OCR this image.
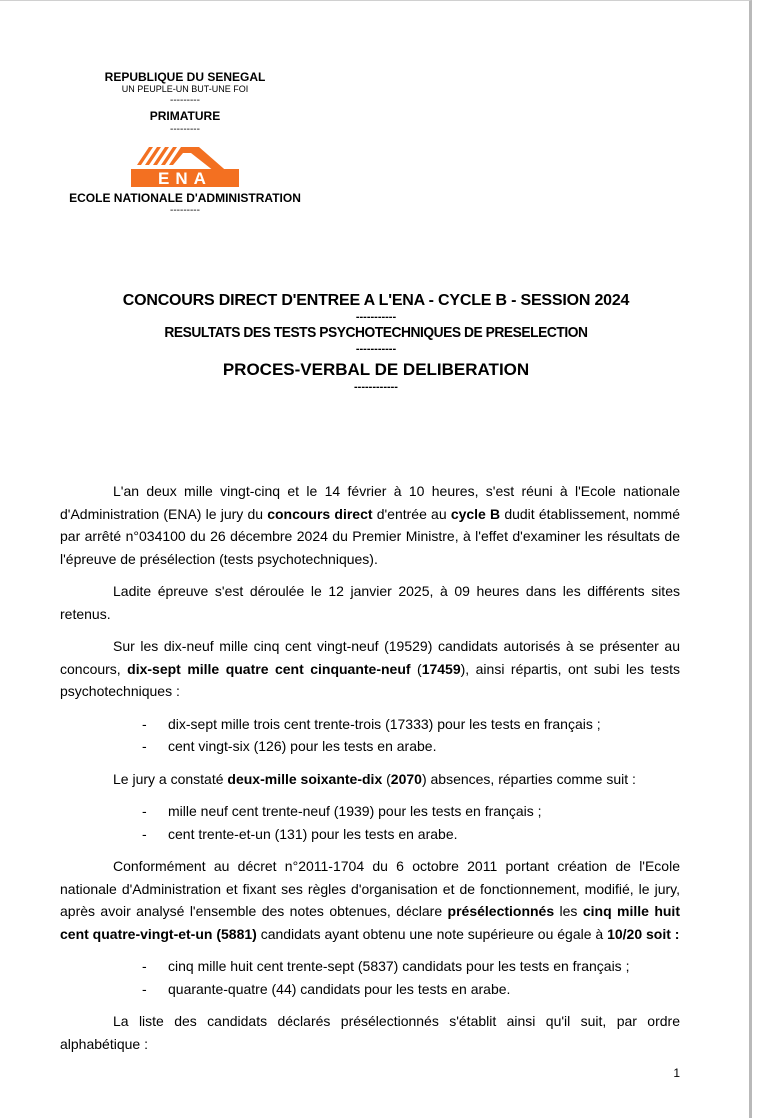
REPUBLIQUE DU SENEGAL
UN PEUPLE-UN BUT-UNE FOI
---------
PRIMATURE
---------
ENA
ECOLE NATIONALE D'ADMINISTRATION
---------
CONCOURS DIRECT D'ENTREE A L'ENA - CYCLE B - SESSION 2024
-----------
RESULTATS DES TESTS PSYCHOTECHNIQUES DE PRESELECTION
-----------
PROCES-VERBAL DE DELIBERATION
------------

L'an deux mille vingt-cinq et le 14 février à 10 heures, s'est réuni à l'Ecole nationale d'Administration (ENA) le jury du concours direct d'entrée au cycle B dudit établissement, nommé par arrêté n°034100 du 26 décembre 2024 du Premier Ministre, à l'effet d'examiner les résultats de l'épreuve de présélection (tests psychotechniques).

Ladite épreuve s'est déroulée le 12 janvier 2025, à 09 heures dans les différents sites retenus.

Sur les dix-neuf mille cinq cent vingt-neuf (19529) candidats autorisés à se présenter au concours, dix-sept mille quatre cent cinquante-neuf (17459), ainsi répartis, ont subi les tests psychotechniques :

- dix-sept mille trois cent trente-trois (17333) pour les tests en français ;
- cent vingt-six (126) pour les tests en arabe.

Le jury a constaté deux-mille soixante-dix (2070) absences, réparties comme suit :

- mille neuf cent trente-neuf (1939) pour les tests en français ;
- cent trente-et-un (131) pour les tests en arabe.

Conformément au décret n°2011-1704 du 6 octobre 2011 portant création de l'Ecole nationale d'Administration et fixant ses règles d'organisation et de fonctionnement, modifié, le jury, après avoir analysé l'ensemble des notes obtenues, déclare présélectionnés les cinq mille huit cent quatre-vingt-et-un (5881) candidats ayant obtenu une note supérieure ou égale à 10/20 soit :

- cinq mille huit cent trente-sept (5837) candidats pour les tests en français ;
- quarante-quatre (44) candidats pour les tests en arabe.

La liste des candidats déclarés présélectionnés s'établit ainsi qu'il suit, par ordre alphabétique :

1
